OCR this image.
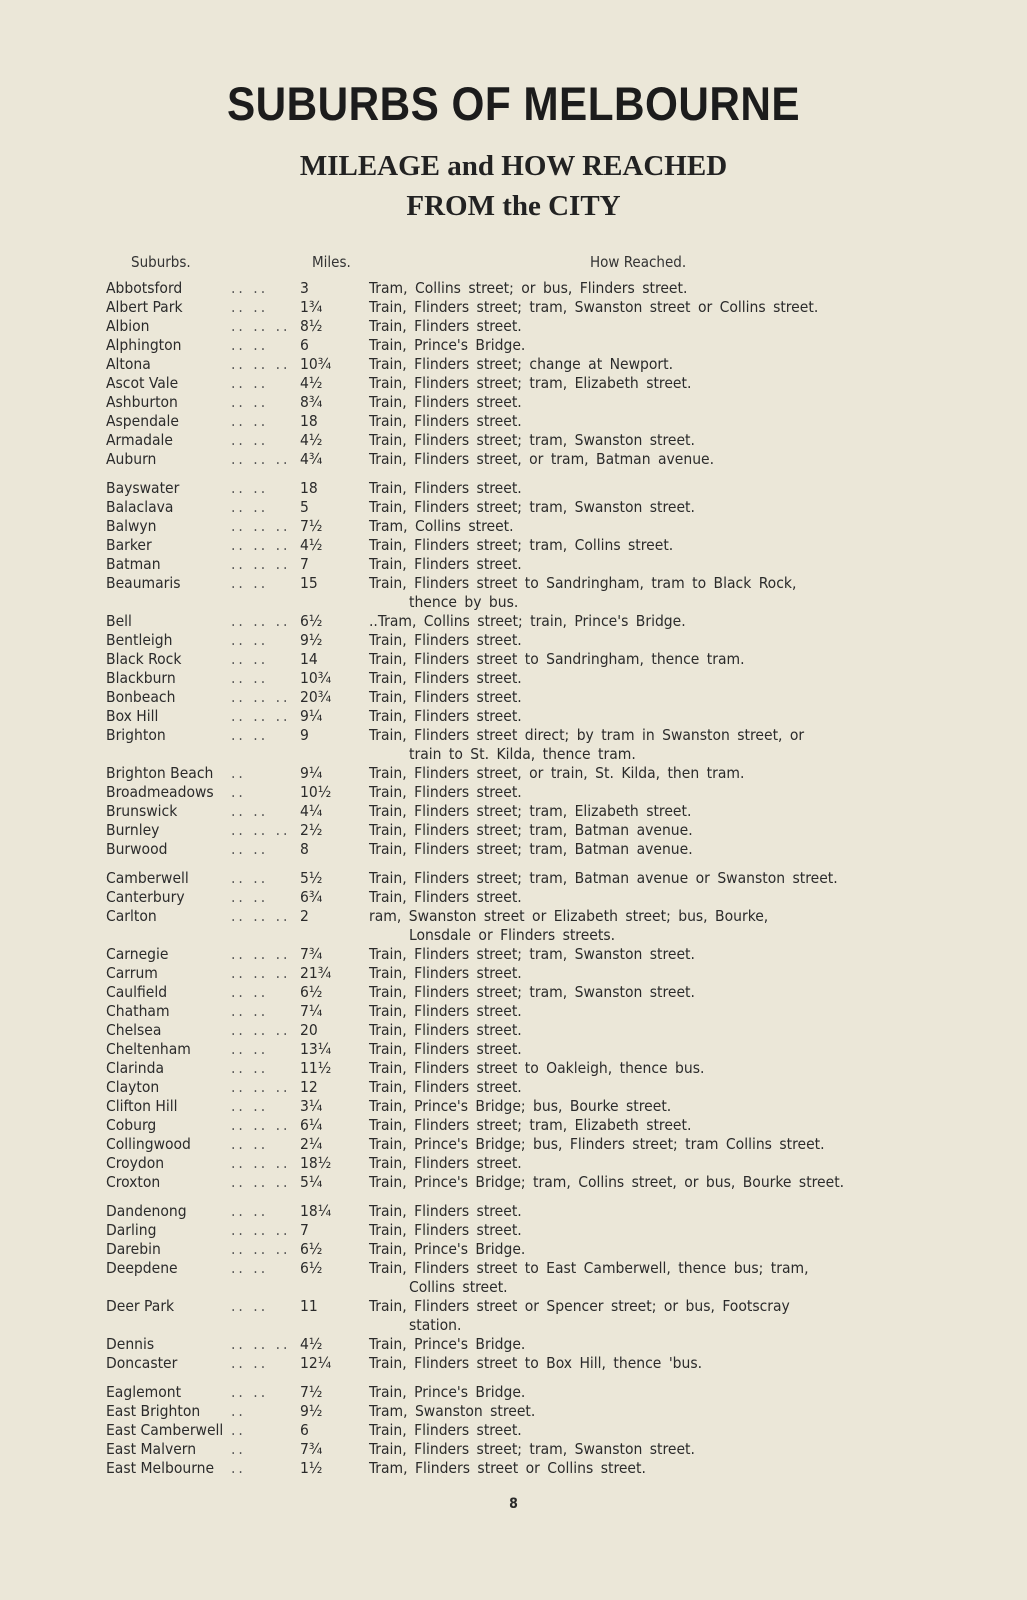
SUBURBS OF MELBOURNE
MILEAGE and HOW REACHED
FROM the CITY
Suburbs.	Miles.	How Reached.
Abbotsford	.. .. 3	Tram, Collins street; or bus, Flinders street.
Albert Park	.. .. 1¾	Train, Flinders street; tram, Swanston street or Collins street.
Albion	.. .. .. 8½	Train, Flinders street.
Alphington	.. .. 6	Train, Prince's Bridge.
Altona	.. .. .. 10¾ Train, Flinders street; change at Newport.
Ascot Vale	.. .. 4½	Train, Flinders street; tram, Elizabeth street.
Ashburton	.. .. 8¾	Train, Flinders street.
Aspendale	.. .. 18	Train, Flinders street.
Armadale	.. .. 4½	Train, Flinders street; tram, Swanston street.
Auburn	.. .. .. 4¾	Train, Flinders street, or tram, Batman avenue.
Bayswater	.. .. 18	Train, Flinders street.
Balaclava	.. .. 5	Train, Flinders street; tram, Swanston street.
Balwyn	.. .. .. 7½	Tram, Collins street.
Barker	.. .. .. 4½	Train, Flinders street; tram, Collins street.
Batman	.. .. .. 7	Train, Flinders street.
Beaumaris	.. .. 15	Train, Flinders street to Sandringham, tram to Black Rock,
thence by bus.
Bell	.. .. .. 6½	..Tram, Collins street; train, Prince's Bridge.
Bentleigh	.. .. 9½	Train, Flinders street.
Black Rock	.. .. 14	Train, Flinders street to Sandringham, thence tram.
Blackburn	.. .. 10¾ Train, Flinders street.
Bonbeach	.. .. .. 20¾ Train, Flinders street.
Box Hill	.. .. .. 9¼	Train, Flinders street.
Brighton	.. .. 9	Train, Flinders street direct; by tram in Swanston street, or
train to St. Kilda, thence tram.
Brighton Beach ..	9¼	Train, Flinders street, or train, St. Kilda, then tram.
Broadmeadows ..	10½ Train, Flinders street.
Brunswick	.. .. 4¼	Train, Flinders street; tram, Elizabeth street.
Burnley	.. .. .. 2½	Train, Flinders street; tram, Batman avenue.
Burwood	.. .. 8	Train, Flinders street; tram, Batman avenue.
Camberwell	.. .. 5½	Train, Flinders street; tram, Batman avenue or Swanston street.
Canterbury	.. .. 6¾	Train, Flinders street.
Carlton	.. .. .. 2	ram, Swanston street or Elizabeth street; bus, Bourke,
Lonsdale or Flinders streets.
Carnegie	.. .. .. 7¾	Train, Flinders street; tram, Swanston street.
Carrum	.. .. .. 21¾ Train, Flinders street.
Caulfield	.. .. 6½	Train, Flinders street; tram, Swanston street.
Chatham	.. .. 7¼	Train, Flinders street.
Chelsea	.. .. .. 20	Train, Flinders street.
Cheltenham	.. .. 13¼ Train, Flinders street.
Clarinda	.. .. 11½ Train, Flinders street to Oakleigh, thence bus.
Clayton	.. .. .. 12	Train, Flinders street.
Clifton Hill	.. .. 3¼	Train, Prince's Bridge; bus, Bourke street.
Coburg	.. .. .. 6¼	Train, Flinders street; tram, Elizabeth street.
Collingwood	.. .. 2¼	Train, Prince's Bridge; bus, Flinders street; tram Collins street.
Croydon	.. .. .. 18½ Train, Flinders street.
Croxton	.. .. .. 5¼	Train, Prince's Bridge; tram, Collins street, or bus, Bourke street.
Dandenong	.. .. 18¼ Train, Flinders street.
Darling	.. .. .. 7	Train, Flinders street.
Darebin	.. .. .. 6½	Train, Prince's Bridge.
Deepdene	.. .. 6½	Train, Flinders street to East Camberwell, thence bus; tram,
Collins street.
Deer Park	.. .. 11	Train, Flinders street or Spencer street; or bus, Footscray
station.
Dennis	.. .. .. 4½	Train, Prince's Bridge.
Doncaster	.. .. 12¼ Train, Flinders street to Box Hill, thence 'bus.
Eaglemont	.. .. 7½	Train, Prince's Bridge.
East Brighton ..	9½	Tram, Swanston street.
East Camberwell ..	6	Train, Flinders street.
East Malvern ..	7¾	Train, Flinders street; tram, Swanston street.
East Melbourne ..	1½	Tram, Flinders street or Collins street.
8
